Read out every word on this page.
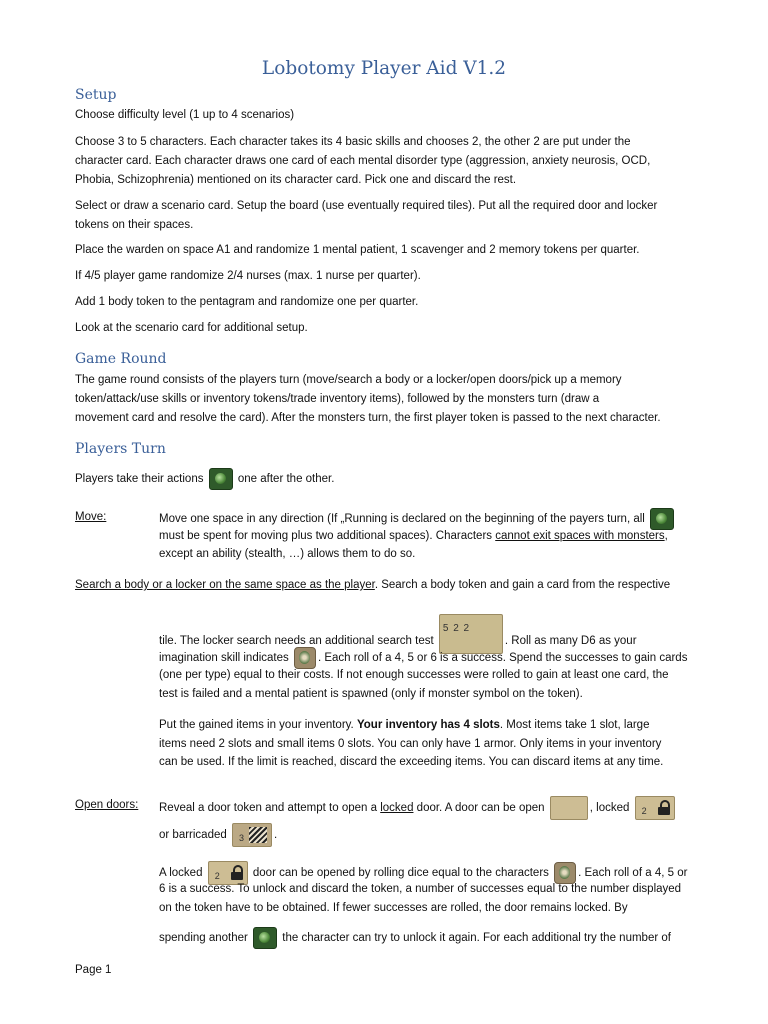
Lobotomy Player Aid V1.2
Setup
Choose difficulty level (1 up to 4 scenarios)
Choose 3 to 5 characters. Each character takes its 4 basic skills and chooses 2, the other 2 are put under the
character card. Each character draws one card of each mental disorder type (aggression, anxiety neurosis, OCD,
Phobia, Schizophrenia) mentioned on its character card. Pick one and discard the rest.
Select or draw a scenario card. Setup the board (use eventually required tiles). Put all the required door and locker
tokens on their spaces.
Place the warden on space A1 and randomize 1 mental patient, 1 scavenger and 2 memory tokens per quarter.
If 4/5 player game randomize 2/4 nurses (max. 1 nurse per quarter).
Add 1 body token to the pentagram and randomize one per quarter.
Look at the scenario card for additional setup.
Game Round
The game round consists of the players turn (move/search a body or a locker/open doors/pick up a memory
token/attack/use skills or inventory tokens/trade inventory items), followed by the monsters turn (draw a
movement card and resolve the card). After the monsters turn, the first player token is passed to the next character.
Players Turn
Players take their actions	one after the other.
Move:	Move one space in any direction (If „Running is declared on the beginning of the payers turn, all
must be spent for moving plus two additional spaces). Characters cannot exit spaces with monsters,
except an ability (stealth, …) allows them to do so.
Search a body or a locker on the same space as the player. Search a body token and gain a card from the respective
tile. The locker search needs an additional search test
5 2 2
. Roll as many D6 as your
imagination skill indicates	. Each roll of a 4, 5 or 6 is a success. Spend the successes to gain cards
(one per type) equal to their costs. If not enough successes were rolled to gain at least one card, the
test is failed and a mental patient is spawned (only if monster symbol on the token).
Put the gained items in your inventory. Your inventory has 4 slots. Most items take 1 slot, large
items need 2 slots and small items 0 slots. You can only have 1 armor. Only items in your inventory
can be used. If the limit is reached, discard the exceeding items. You can discard items at any time.
Open doors: Reveal a door token and attempt to open a locked door. A door can be open	, locked 2
or barricaded 3	.
A locked 2	door can be opened by rolling dice equal to the characters	. Each roll of a 4, 5 or
6 is a success. To unlock and discard the token, a number of successes equal to the number displayed
on the token have to be obtained. If fewer successes are rolled, the door remains locked. By
spending another	the character can try to unlock it again. For each additional try the number of
Page 1
